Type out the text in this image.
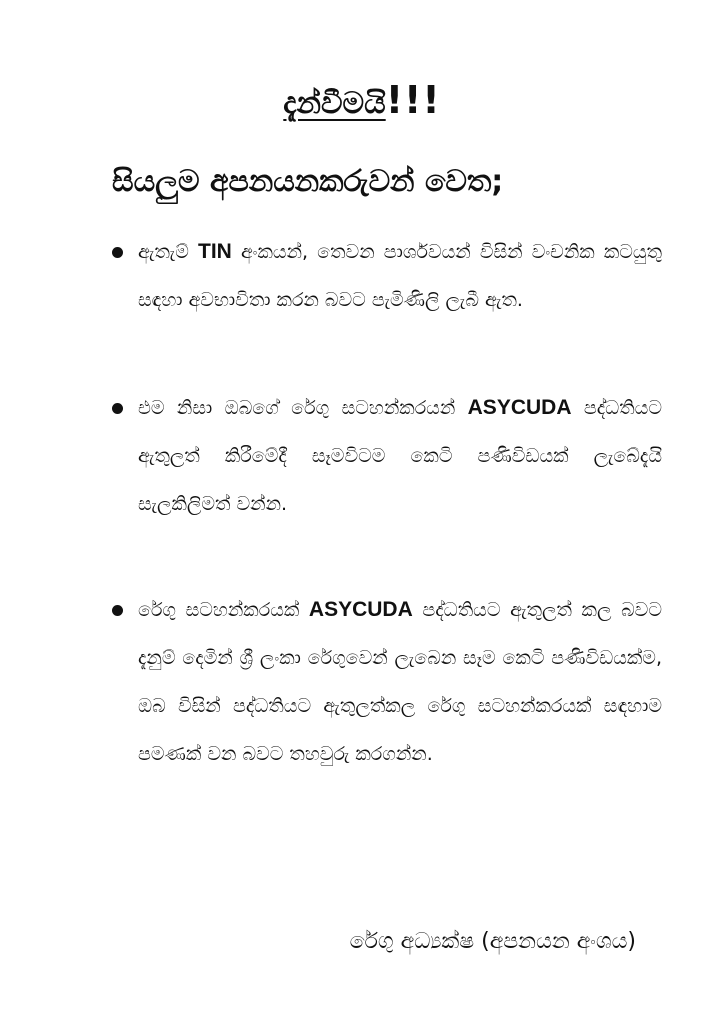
දැන්වීමයි!!!
සියලුම අපනයනකරුවන් වෙත;
ඇතැම් TIN අංකයන්, තෙවන පාර්ශවයන් විසින් වංචනික කටයුතු සඳහා අවභාවිතා කරන බවට පැමිණිලි ලැබී ඇත.
එම නිසා ඔබගේ රේගු සටහන්කරයන් ASYCUDA පද්ධතියට ඇතුලත් කිරීමේදී සෑමවිටම කෙටි පණිවිඩයක් ලැබේදැයි සැලකිලිමත් වන්න.
රේගු සටහන්කරයක් ASYCUDA පද්ධතියට ඇතුලත් කල බවට දැනුම් දෙමින් ශ්‍රී ලංකා රේගුවෙන් ලැබෙන සෑම කෙටි පණිවිඩයක්ම, ඔබ විසින් පද්ධතියට ඇතුලත්කල රේගු සටහන්කරයක් සඳහාම පමණක් වන බවට තහවුරු කරගන්න.
රේගු අධ්‍යක්ෂ (අපනයන අංශය)
